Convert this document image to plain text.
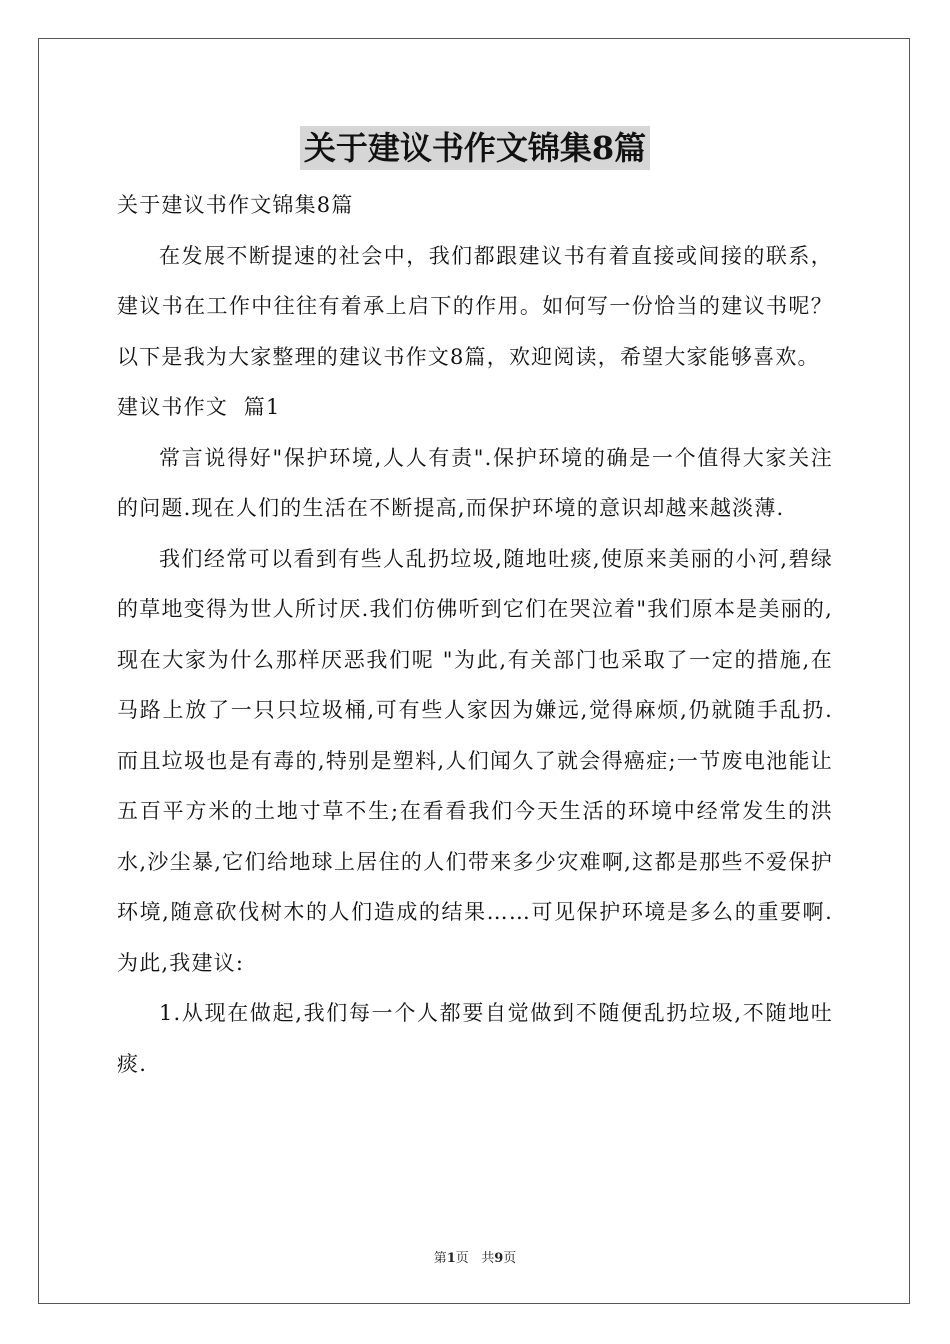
关于建议书作文锦集8篇

关于建议书作文锦集8篇

在发展不断提速的社会中，我们都跟建议书有着直接或间接的联系，建议书在工作中往往有着承上启下的作用。如何写一份恰当的建议书呢？以下是我为大家整理的建议书作文8篇，欢迎阅读，希望大家能够喜欢。

建议书作文  篇1

常言说得好"保护环境,人人有责".保护环境的确是一个值得大家关注的问题.现在人们的生活在不断提高,而保护环境的意识却越来越淡薄.

我们经常可以看到有些人乱扔垃圾,随地吐痰,使原来美丽的小河,碧绿的草地变得为世人所讨厌.我们仿佛听到它们在哭泣着"我们原本是美丽的,现在大家为什么那样厌恶我们呢 "为此,有关部门也采取了一定的措施,在马路上放了一只只垃圾桶,可有些人家因为嫌远,觉得麻烦,仍就随手乱扔.而且垃圾也是有毒的,特别是塑料,人们闻久了就会得癌症;一节废电池能让五百平方米的土地寸草不生;在看看我们今天生活的环境中经常发生的洪水,沙尘暴,它们给地球上居住的人们带来多少灾难啊,这都是那些不爱保护环境,随意砍伐树木的人们造成的结果……可见保护环境是多么的重要啊.为此,我建议:

1.从现在做起,我们每一个人都要自觉做到不随便乱扔垃圾,不随地吐痰.

第1页 共9页
